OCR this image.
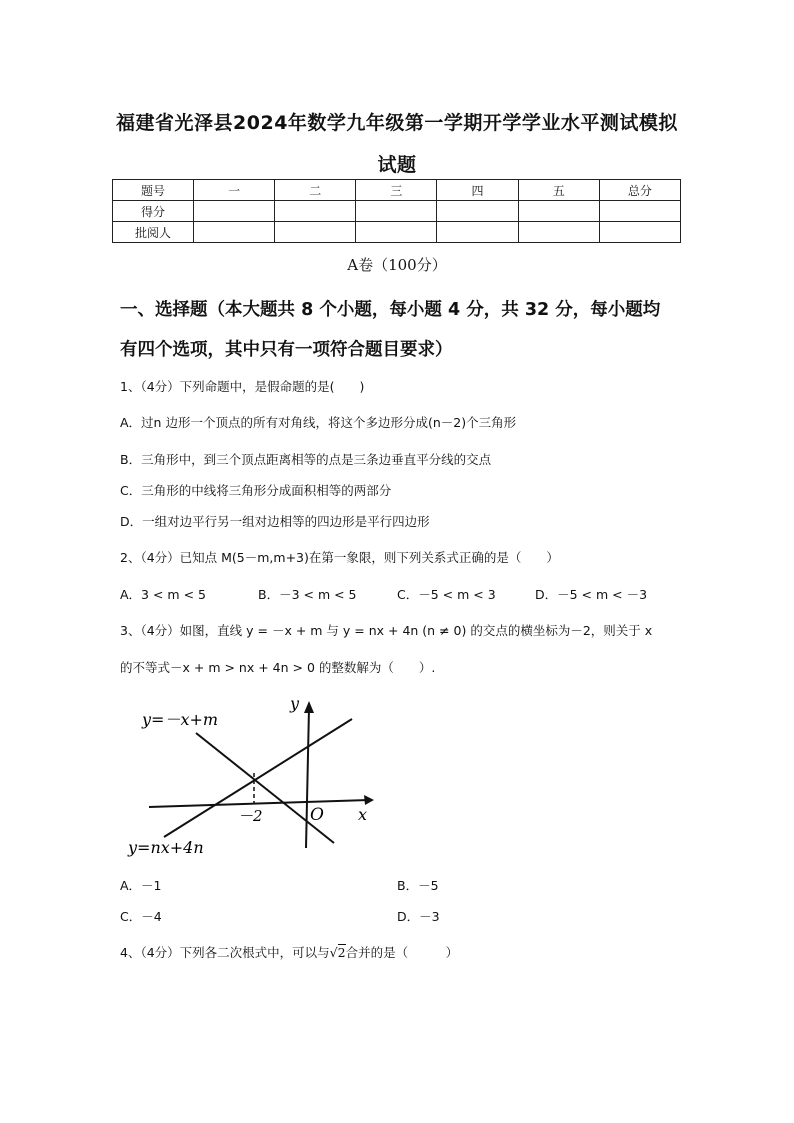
福建省光泽县2024年数学九年级第一学期开学学业水平测试模拟
试题
题号	一	二	三	四	五	总分
得分						
批阅人						
A卷（100分）
一、选择题（本大题共 8 个小题，每小题 4 分，共 32 分，每小题均
有四个选项，其中只有一项符合题目要求）
1、（4分）下列命题中，是假命题的是(　　)
A．过n 边形一个顶点的所有对角线，将这个多边形分成(n－2)个三角形
B．三角形中，到三个顶点距离相等的点是三条边垂直平分线的交点
C．三角形的中线将三角形分成面积相等的两部分
D．一组对边平行另一组对边相等的四边形是平行四边形
2、（4分）已知点 M(5－m,m+3)在第一象限，则下列关系式正确的是（　　）
A．3 < m < 5	B．－3 < m < 5	C．－5 < m < 3	D．－5 < m < －3
3、（4分）如图，直线 y = －x + m 与 y = nx + 4n (n ≠ 0) 的交点的横坐标为－2，则关于 x
的不等式－x + m > nx + 4n > 0 的整数解为（　　）.
y=－x+m
y=nx+4n
y
x
O
－2
A．－1	B．－5
C．－4	D．－3
4、（4分）下列各二次根式中，可以与√2合并的是（　　　）
